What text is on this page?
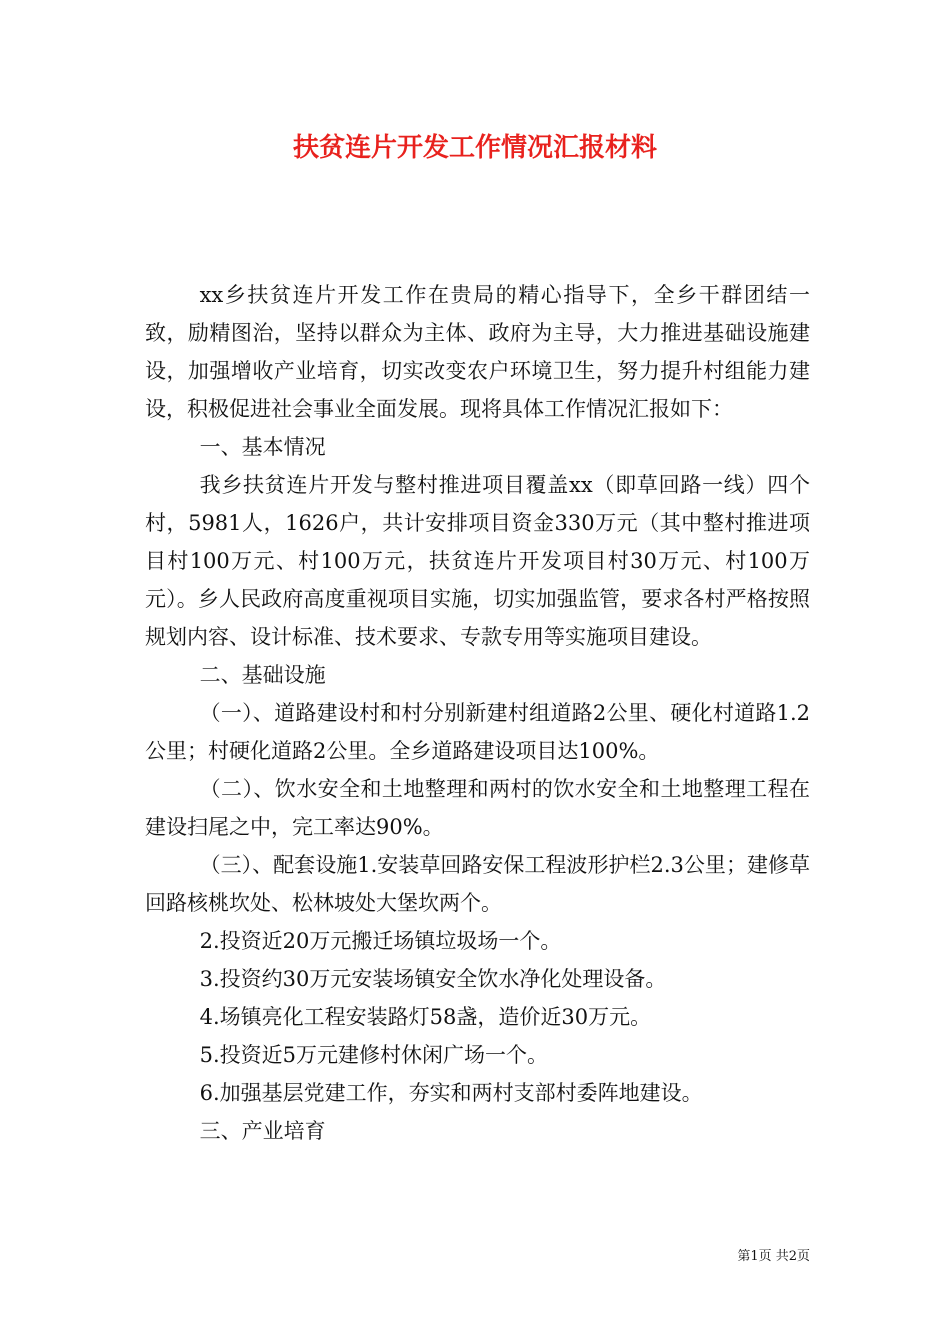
扶贫连片开发工作情况汇报材料

xx乡扶贫连片开发工作在贵局的精心指导下，全乡干群团结一致，励精图治，坚持以群众为主体、政府为主导，大力推进基础设施建设，加强增收产业培育，切实改变农户环境卫生，努力提升村组能力建设，积极促进社会事业全面发展。现将具体工作情况汇报如下：

一、基本情况

我乡扶贫连片开发与整村推进项目覆盖xx（即草回路一线）四个村，5981人，1626户，共计安排项目资金330万元（其中整村推进项目村100万元、村100万元，扶贫连片开发项目村30万元、村100万元）。乡人民政府高度重视项目实施，切实加强监管，要求各村严格按照规划内容、设计标准、技术要求、专款专用等实施项目建设。

二、基础设施

（一）、道路建设村和村分别新建村组道路2公里、硬化村道路1.2公里；村硬化道路2公里。全乡道路建设项目达100%。

（二）、饮水安全和土地整理和两村的饮水安全和土地整理工程在建设扫尾之中，完工率达90%。

（三）、配套设施1.安装草回路安保工程波形护栏2.3公里；建修草回路核桃坎处、松林坡处大堡坎两个。

2.投资近20万元搬迁场镇垃圾场一个。

3.投资约30万元安装场镇安全饮水净化处理设备。

4.场镇亮化工程安装路灯58盏，造价近30万元。

5.投资近5万元建修村休闲广场一个。

6.加强基层党建工作，夯实和两村支部村委阵地建设。

三、产业培育

第1页 共2页
